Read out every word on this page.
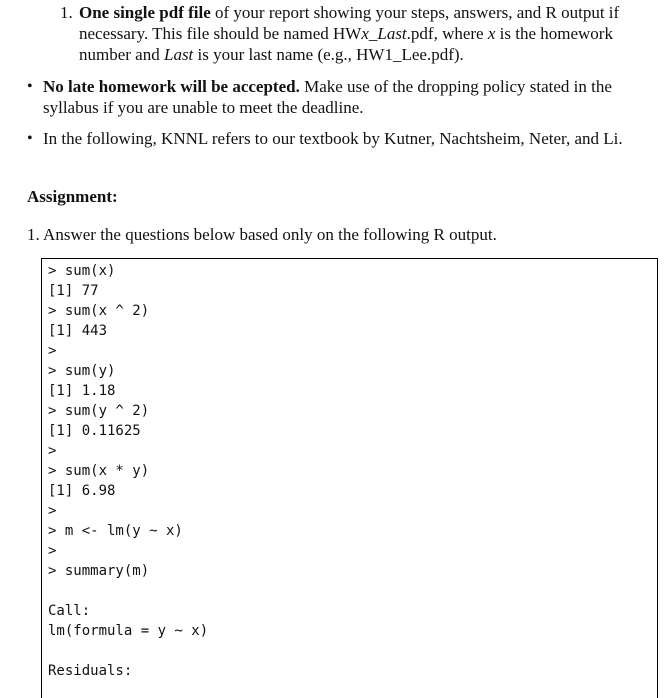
1. One single pdf file of your report showing your steps, answers, and R output if necessary. This file should be named HWx_Last.pdf, where x is the homework number and Last is your last name (e.g., HW1_Lee.pdf).
• No late homework will be accepted. Make use of the dropping policy stated in the syllabus if you are unable to meet the deadline.
• In the following, KNNL refers to our textbook by Kutner, Nachtsheim, Neter, and Li.
Assignment:
1. Answer the questions below based only on the following R output.
> sum(x)
[1] 77
> sum(x ^ 2)
[1] 443
>
> sum(y)
[1] 1.18
> sum(y ^ 2)
[1] 0.11625
>
> sum(x * y)
[1] 6.98
>
> m <- lm(y ~ x)
>
> summary(m)

Call:
lm(formula = y ~ x)

Residuals:
